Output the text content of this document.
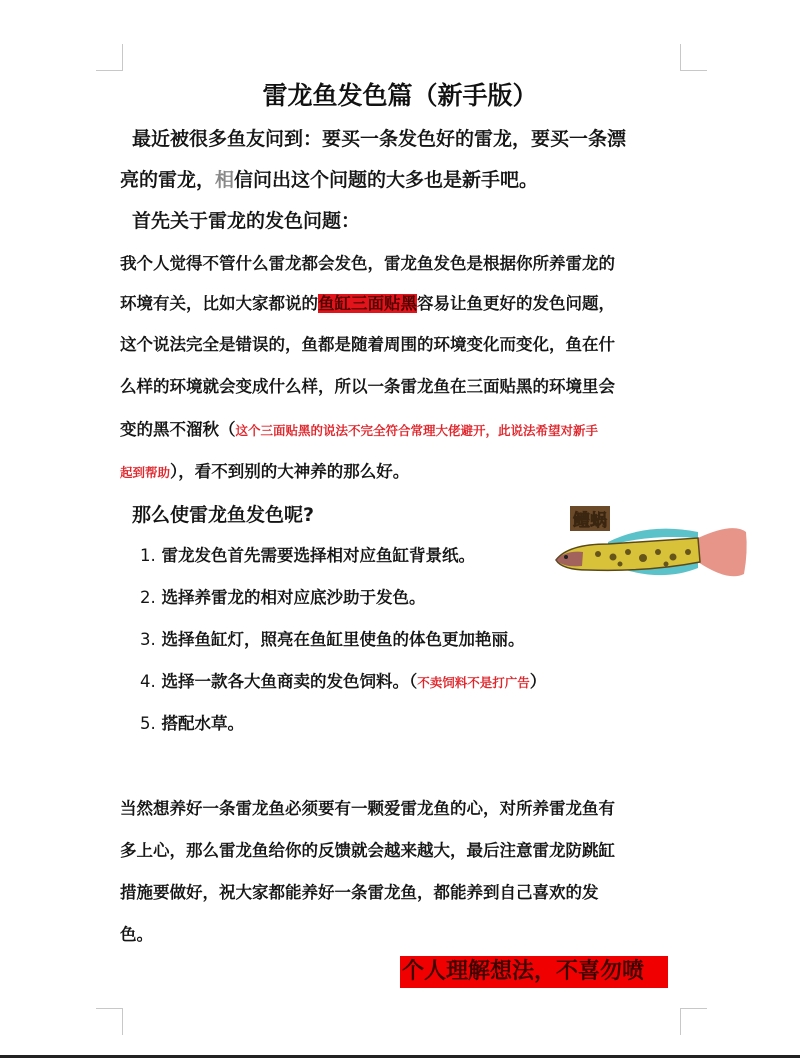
雷龙鱼发色篇（新手版）
最近被很多鱼友问到：要买一条发色好的雷龙，要买一条漂
亮的雷龙，相信问出这个问题的大多也是新手吧。
首先关于雷龙的发色问题：
我个人觉得不管什么雷龙都会发色，雷龙鱼发色是根据你所养雷龙的
环境有关，比如大家都说的鱼缸三面贴黑容易让鱼更好的发色问题，
这个说法完全是错误的，鱼都是随着周围的环境变化而变化，鱼在什
么样的环境就会变成什么样，所以一条雷龙鱼在三面贴黑的环境里会
变的黑不溜秋（这个三面贴黑的说法不完全符合常理大佬避开，此说法希望对新手
起到帮助），看不到别的大神养的那么好。
那么使雷龙鱼发色呢?
1. 雷龙发色首先需要选择相对应鱼缸背景纸。
2. 选择养雷龙的相对应底沙助于发色。
3. 选择鱼缸灯，照亮在鱼缸里使鱼的体色更加艳丽。
4. 选择一款各大鱼商卖的发色饲料。（不卖饲料不是打广告）
5. 搭配水草。
鳢蜗
当然想养好一条雷龙鱼必须要有一颗爱雷龙鱼的心，对所养雷龙鱼有
多上心，那么雷龙鱼给你的反馈就会越来越大，最后注意雷龙防跳缸
措施要做好，祝大家都能养好一条雷龙鱼，都能养到自己喜欢的发
色。
个人理解想法，不喜勿喷
